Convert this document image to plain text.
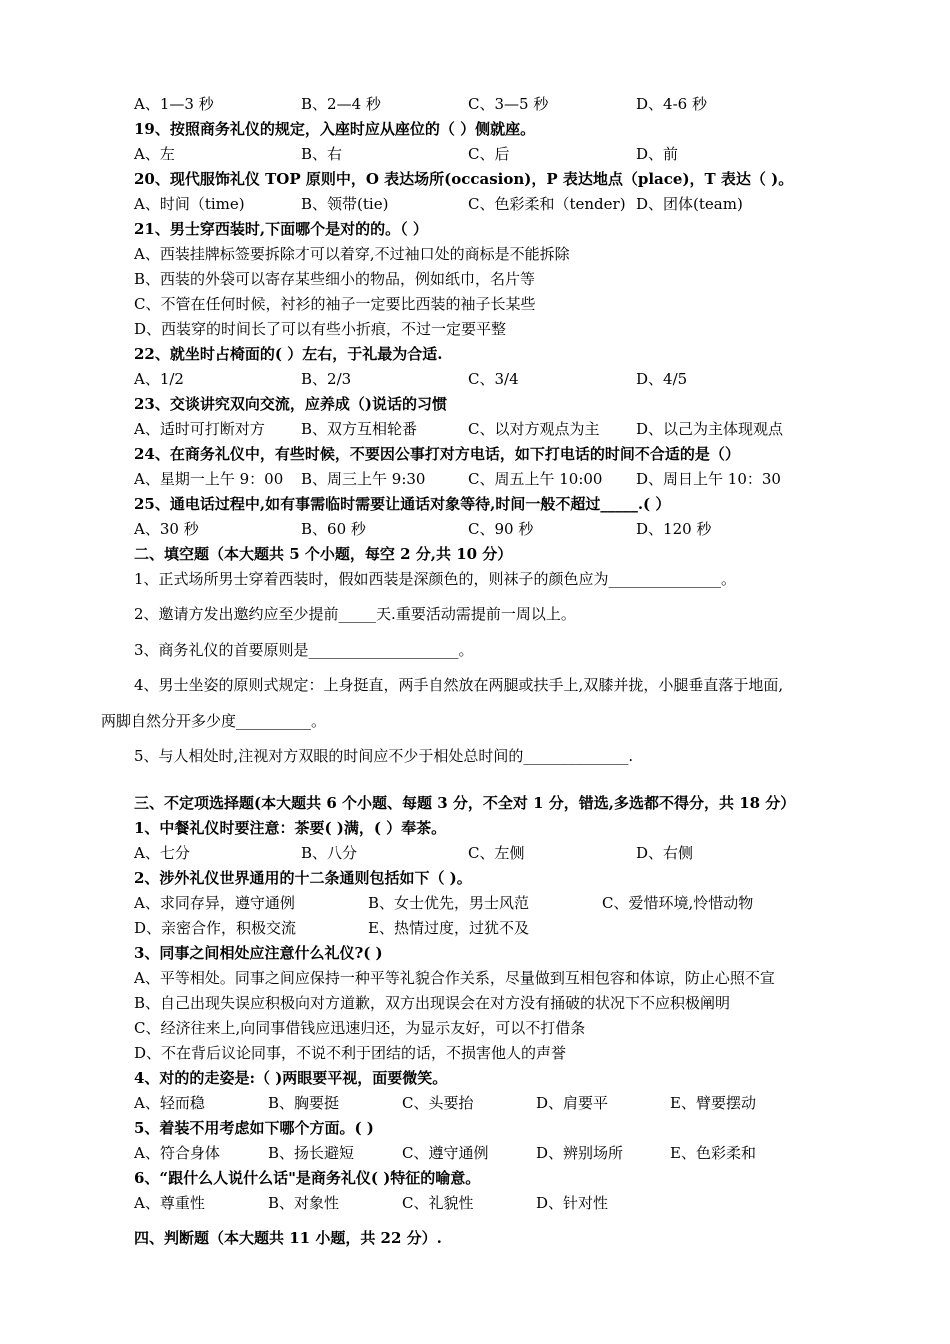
A、1—3 秒	B、2—4 秒	C、3—5 秒	D、4-6 秒
19、按照商务礼仪的规定，入座时应从座位的（ ）侧就座。
A、左	B、右	C、后	D、前
20、现代服饰礼仪 TOP 原则中，O 表达场所(occasion)，P 表达地点（place)，T 表达（ )。
A、时间（time)	B、领带(tie)	C、色彩柔和（tender) D、团体(team)
21、男士穿西装时,下面哪个是对的的。（ ）
A、西装挂牌标签要拆除才可以着穿,不过袖口处的商标是不能拆除
B、西装的外袋可以寄存某些细小的物品，例如纸巾，名片等
C、不管在任何时候，衬衫的袖子一定要比西装的袖子长某些
D、西装穿的时间长了可以有些小折痕，不过一定要平整
22、就坐时占椅面的( ）左右，于礼最为合适.
A、1/2	B、2/3	C、3/4	D、4/5
23、交谈讲究双向交流，应养成（)说话的习惯
A、适时可打断对方 B、双方互相轮番	C、以对方观点为主 D、以己为主体现观点
24、在商务礼仪中，有些时候，不要因公事打对方电话，如下打电话的时间不合适的是（）
A、星期一上午 9：00 B、周三上午 9:30	C、周五上午 10:00 D、周日上午 10：30
25、通电话过程中,如有事需临时需要让通话对象等待,时间一般不超过_____.( ）
A、30 秒	B、60 秒	C、90 秒	D、120 秒
二、填空题（本大题共 5 个小题，每空 2 分,共 10 分）
1、正式场所男士穿着西装时，假如西装是深颜色的，则袜子的颜色应为_______________。
2、邀请方发出邀约应至少提前_____天.重要活动需提前一周以上。
3、商务礼仪的首要原则是____________________。
4、男士坐姿的原则式规定：上身挺直，两手自然放在两腿或扶手上,双膝并拢，小腿垂直落于地面,
两脚自然分开多少度__________。
5、与人相处时,注视对方双眼的时间应不少于相处总时间的______________.
三、不定项选择题(本大题共 6 个小题、每题 3 分，不全对 1 分，错选,多选都不得分，共 18 分）
1、中餐礼仪时要注意：茶要( )满，( ）奉茶。
A、七分	B、八分	C、左侧	D、右侧
2、涉外礼仪世界通用的十二条通则包括如下（ )。
A、求同存异，遵守通例	B、女士优先，男士风范	C、爱惜环境,怜惜动物
D、亲密合作，积极交流	E、热情过度，过犹不及
3、同事之间相处应注意什么礼仪?( )
A、平等相处。同事之间应保持一种平等礼貌合作关系，尽量做到互相包容和体谅，防止心照不宣
B、自己出现失误应积极向对方道歉，双方出现误会在对方没有捅破的状况下不应积极阐明
C、经济往来上,向同事借钱应迅速归还，为显示友好，可以不打借条
D、不在背后议论同事，不说不利于团结的话，不损害他人的声誉
4、对的的走姿是:（ )两眼要平视，面要微笑。
A、轻而稳	B、胸要挺	C、头要抬	D、肩要平	E、臂要摆动
5、着装不用考虑如下哪个方面。( )
A、符合身体	B、扬长避短	C、遵守通例	D、辨别场所	E、色彩柔和
6、“跟什么人说什么话"是商务礼仪( )特征的喻意。
A、尊重性	B、对象性	C、礼貌性	D、针对性
四、判断题（本大题共 11 小题，共 22 分）.
